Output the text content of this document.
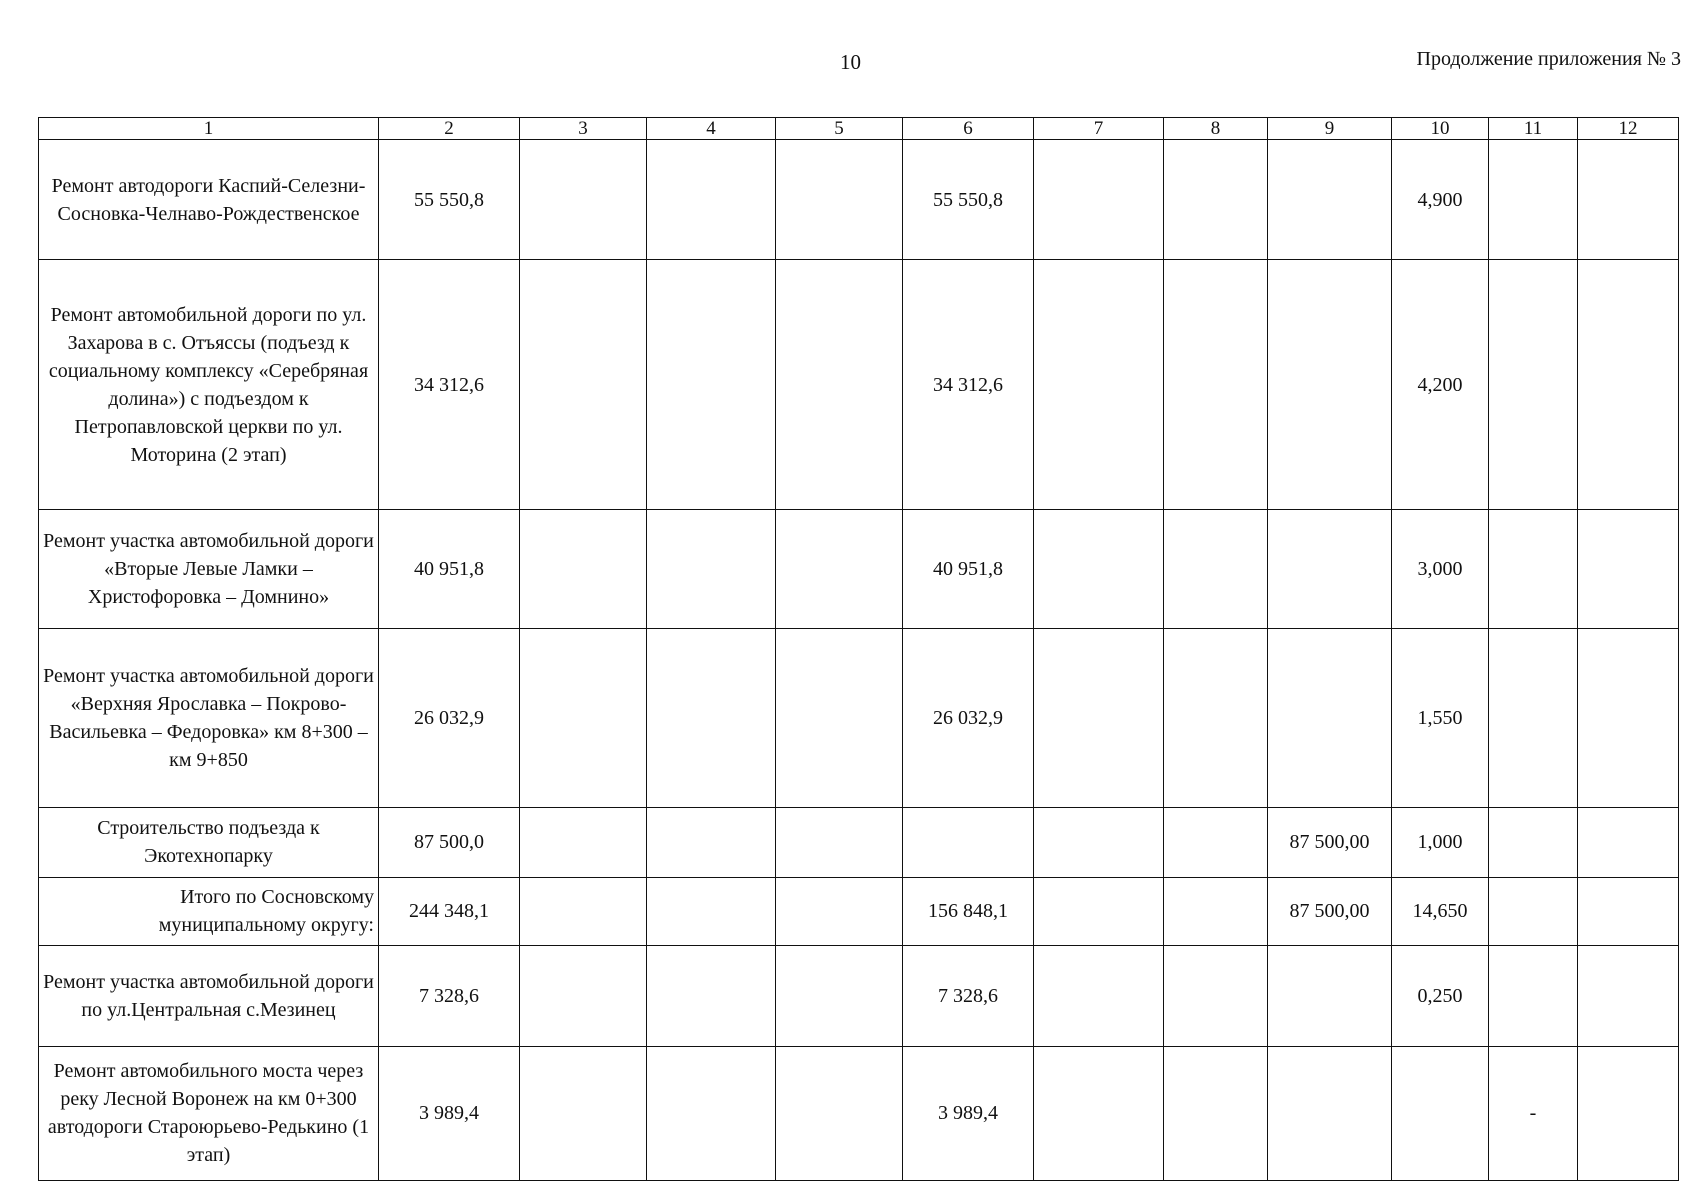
10	Продолжение приложения № 3
1	2	3	4	5	6	7	8	9	10	11	12
Ремонт автодороги Каспий-Селезни-Сосновка-Челнаво-Рождественское	55 550,8				55 550,8				4,900		
Ремонт автомобильной дороги по ул. Захарова в с. Отъяссы (подъезд к социальному комплексу «Серебряная долина») с подъездом к Петропавловской церкви по ул. Моторина (2 этап)	34 312,6				34 312,6				4,200		
Ремонт участка автомобильной дороги «Вторые Левые Ламки – Христофоровка – Домнино»	40 951,8				40 951,8				3,000		
Ремонт участка автомобильной дороги «Верхняя Ярославка – Покрово-Васильевка – Федоровка» км 8+300 – км 9+850	26 032,9				26 032,9				1,550		
Строительство подъезда к Экотехнопарку	87 500,0							87 500,00	1,000		
Итого по Сосновскому муниципальному округу:	244 348,1				156 848,1			87 500,00	14,650		
Ремонт участка автомобильной дороги по ул.Центральная с.Мезинец	7 328,6				7 328,6				0,250		
Ремонт автомобильного моста через реку Лесной Воронеж на км 0+300 автодороги Староюрьево-Редькино (1 этап)	3 989,4				3 989,4					-	
